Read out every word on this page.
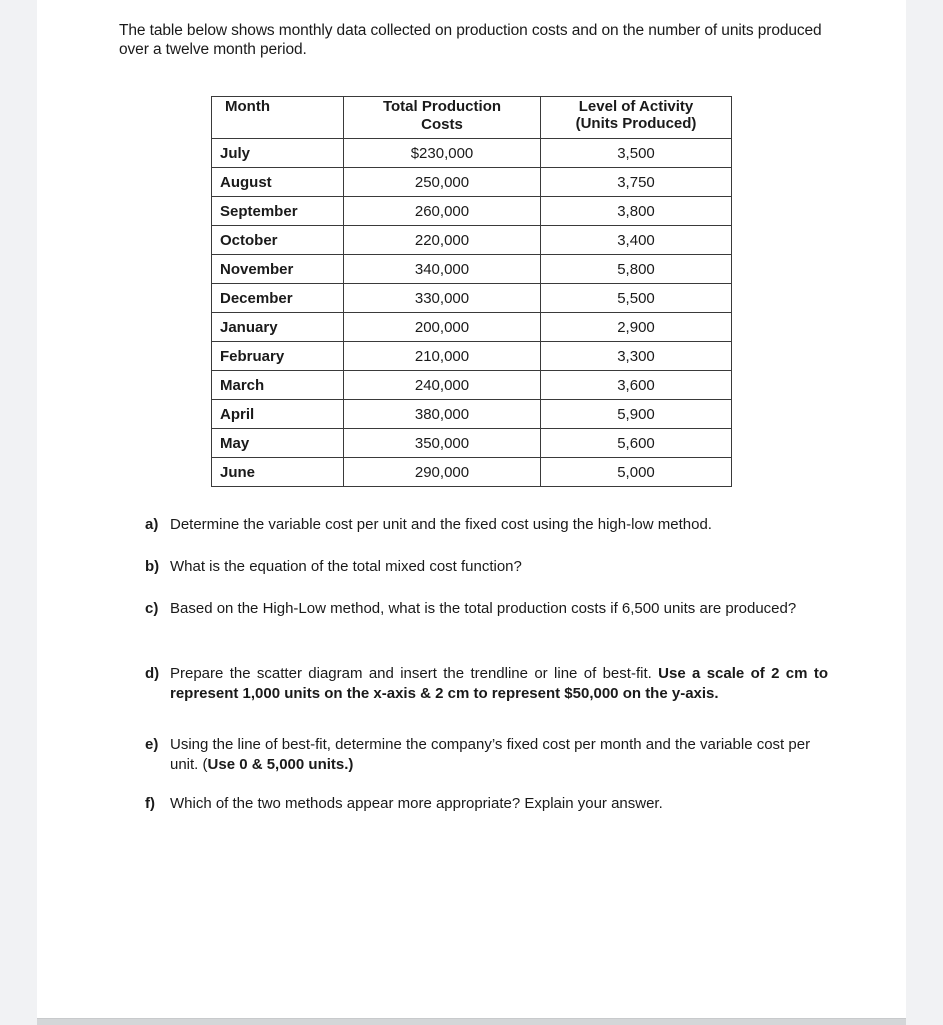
The table below shows monthly data collected on production costs and on the number of units produced over a twelve month period.

Month	Total Production Costs	Level of Activity
(Units Produced)
July	$230,000	3,500
August	250,000	3,750
September	260,000	3,800
October	220,000	3,400
November	340,000	5,800
December	330,000	5,500
January	200,000	2,900
February	210,000	3,300
March	240,000	3,600
April	380,000	5,900
May	350,000	5,600
June	290,000	5,000
a) Determine the variable cost per unit and the fixed cost using the high-low method.
b) What is the equation of the total mixed cost function?
c) Based on the High-Low method, what is the total production costs if 6,500 units are produced?
d) Prepare the scatter diagram and insert the trendline or line of best-fit. Use a scale of 2 cm to represent 1,000 units on the x-axis & 2 cm to represent $50,000 on the y-axis.
e) Using the line of best-fit, determine the company’s fixed cost per month and the variable cost per unit. (Use 0 & 5,000 units.)
f)	Which of the two methods appear more appropriate? Explain your answer.
